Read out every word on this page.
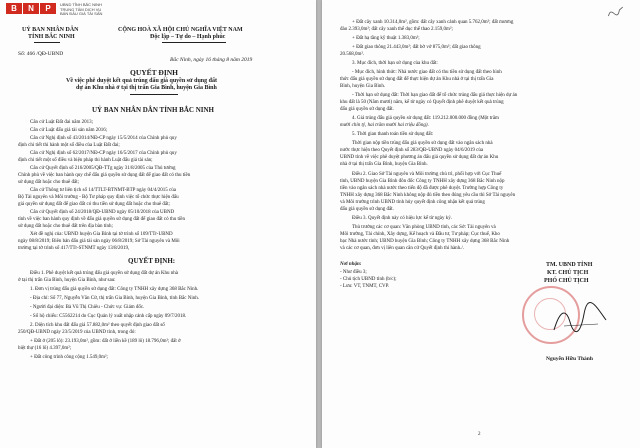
B	N	P	UBND TỈNH BẮC NINH
TRUNG TÂM DỊCH VỤ
BÁN ĐẤU GIÁ TÀI SẢN
UỶ BAN NHÂN DÂN
TỈNH BẮC NINH
Số: 466 /QĐ-UBND
CỘNG HOÀ XÃ HỘI CHỦ NGHĨA VIỆT NAM
Độc lập – Tự do – Hạnh phúc
Bắc Ninh, ngày 16 tháng 8 năm 2019
QUYẾT ĐỊNH
Về việc phê duyệt kết quả trúng đấu giá quyền sử dụng đất
dự án Khu nhà ở tại thị trấn Gia Bình, huyện Gia Bình
UỶ BAN NHÂN DÂN TỈNH BẮC NINH
Căn cứ Luật Đất đai năm 2013;
Căn cứ Luật đấu giá tài sản năm 2016;
Căn cứ Nghị định số 43/2014/NĐ-CP ngày 15/5/2014 của Chính phủ quy
định chi tiết thi hành một số điều của Luật Đất đai;
Căn cứ Nghị định số 62/2017/NĐ-CP ngày 16/5/2017 của Chính phủ quy
định chi tiết một số điều và biện pháp thi hành Luật đấu giá tài sản;
Căn cứ Quyết định số 216/2005/QĐ-TTg ngày 31/8/2005 của Thủ tướng
Chính phủ về việc ban hành quy chế đấu giá quyền sử dụng đất để giao đất có thu tiền
sử dụng đất hoặc cho thuê đất;
Căn cứ Thông tư liên tịch số 14/TTLT-BTNMT-BTP ngày 04/4/2015 của
Bộ Tài nguyên và Môi trường - Bộ Tư pháp quy định việc tổ chức thực hiện đấu
giá quyền sử dụng đất để giao đất có thu tiền sử dụng đất hoặc cho thuê đất;
Căn cứ Quyết định số 24/2018/QĐ-UBND ngày 05/10/2018 của UBND
tỉnh về việc ban hành quy định về đấu giá quyền sử dụng đất để giao đất có thu tiền
sử dụng đất hoặc cho thuê đất trên địa bàn tỉnh;
Xét đề nghị của: UBND huyện Gia Bình tại tờ trình số 109/TTr-UBND
ngày 08/8/2019; Biên bản đấu giá tài sản ngày 06/8/2019; Sở Tài nguyên và Môi
trường tại tờ trình số 417/TTr-STNMT ngày 13/8/2019,
QUYẾT ĐỊNH:
Điều 1. Phê duyệt kết quả trúng đấu giá quyền sử dụng đất dự án Khu nhà
ở tại thị trấn Gia Bình, huyện Gia Bình, như sau:
1. Đơn vị trúng đấu giá quyền sử dụng đất: Công ty TNHH xây dựng 368 Bắc Ninh.
- Địa chỉ: Số 77, Nguyễn Văn Cừ, thị trấn Gia Bình, huyện Gia Bình, tỉnh Bắc Ninh.
- Người đại diện: Bà Vũ Thị Chiêu - Chức vụ: Giám đốc.
- Số hộ chiếu: C5562214 do Cục Quản lý xuất nhập cảnh cấp ngày 09/7/2018.
2. Diện tích khu đất đấu giá 57.882,0m² theo quyết định giao đất số
250/QĐ-UBND ngày 23/5/2019 của UBND tỉnh, trong đó:
+ Đất ở (205 lô): 23.193,0m², gồm: đất ở liền kề (189 lô) 18.796,0m²; đất ở
biệt thự (16 lô) 4.397,0m²;
+ Đất công trình công cộng 1.549,0m²;
+ Đất cây xanh 10.314,0m², gồm: đất cây xanh cảnh quan 5.762,0m²; đất mương
đào 2.393,0m²; đất cây xanh thể dục thể thao 2.159,0m²;
+ Đất hạ tầng kỹ thuật 1.383,0m²;
+ Đất giao thông 21.443,0m²; đất bờ vở 875,0m²; đất giao thông
20.568,0m².
3. Mục đích, thời hạn sử dụng của khu đất:
- Mục đích, hình thức: Nhà nước giao đất có thu tiền sử dụng đất theo hình
thức đấu giá quyền sử dụng đất để thực hiện dự án Khu nhà ở tại thị trấn Gia
Bình, huyện Gia Bình.
- Thời hạn sử dụng đất: Thời hạn giao đất để tổ chức trúng đấu giá thực hiện dự án
khu đất là 50 (Năm mươi) năm, kể từ ngày có Quyết định phê duyệt kết quả trúng
đấu giá quyền sử dụng đất.
4. Giá trúng đấu giá quyền sử dụng đất: 119.212.000.000 đồng (Một trăm
mười chín tỷ, hai trăm mười hai triệu đồng).
5. Thời gian thanh toán tiền sử dụng đất:
Thời gian nộp tiền trúng đấu giá quyền sử dụng đất vào ngân sách nhà
nước thực hiện theo Quyết định số 283/QĐ-UBND ngày 04/6/2019 của
UBND tỉnh về việc phê duyệt phương án đấu giá quyền sử dụng đất dự án Khu
nhà ở tại thị trấn Gia Bình, huyện Gia Bình.
Điều 2. Giao Sở Tài nguyên và Môi trường chủ trì, phối hợp với Cục Thuế
tỉnh, UBND huyện Gia Bình đôn đốc Công ty TNHH xây dựng 368 Bắc Ninh nộp
tiền vào ngân sách nhà nước theo tiến độ đã được phê duyệt. Trường hợp Công ty
TNHH xây dựng 368 Bắc Ninh không nộp đủ tiền theo đúng yêu cầu thì Sở Tài nguyên
và Môi trường trình UBND tỉnh hủy quyết định công nhận kết quả trúng
đấu giá quyền sử dụng đất.
Điều 3. Quyết định này có hiệu lực kể từ ngày ký.
Thủ trưởng các cơ quan: Văn phòng UBND tỉnh, các Sở: Tài nguyên và
Môi trường, Tài chính, Xây dựng, Kế hoạch và Đầu tư, Tư pháp; Cục thuế, Kho
bạc Nhà nước tỉnh; UBND huyện Gia Bình; Công ty TNHH xây dựng 368 Bắc Ninh
và các cơ quan, đơn vị liên quan căn cứ Quyết định thi hành./.
Nơi nhận:
- Như điều 3;
- Chủ tịch UBND tỉnh (b/c);
- Lưu: VT, TNMT, CVP.
TM. UBND TỈNH
KT. CHỦ TỊCH
PHÓ CHỦ TỊCH
Nguyễn Hữu Thành
2
